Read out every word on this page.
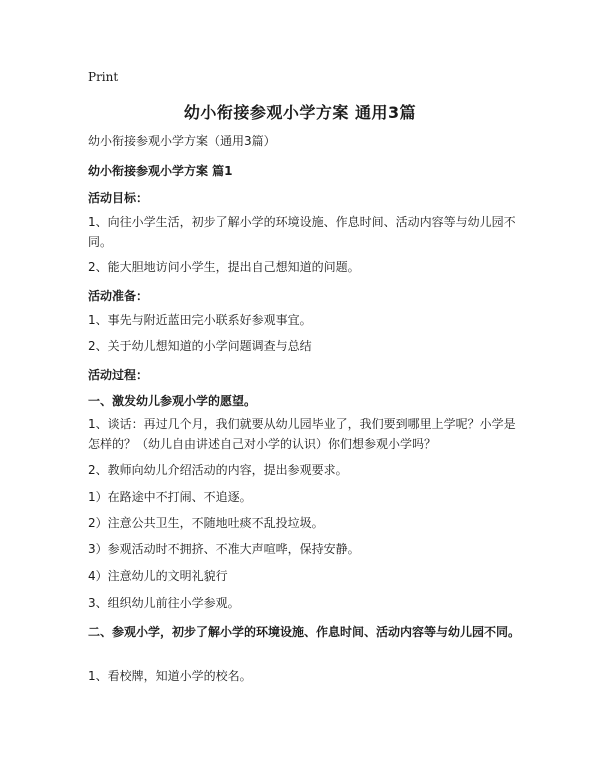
Print
幼小衔接参观小学方案 通用3篇
幼小衔接参观小学方案（通用3篇）
幼小衔接参观小学方案 篇1
活动目标：
1、向往小学生活，初步了解小学的环境设施、作息时间、活动内容等与幼儿园不同。
2、能大胆地访问小学生，提出自己想知道的问题。
活动准备：
1、事先与附近蓝田完小联系好参观事宜。
2、关于幼儿想知道的小学问题调查与总结
活动过程：
一、激发幼儿参观小学的愿望。
1、谈话：再过几个月，我们就要从幼儿园毕业了，我们要到哪里上学呢？小学是怎样的？（幼儿自由讲述自己对小学的认识）你们想参观小学吗？
2、教师向幼儿介绍活动的内容，提出参观要求。
1）在路途中不打闹、不追逐。
2）注意公共卫生，不随地吐痰不乱投垃圾。
3）参观活动时不拥挤、不准大声喧哗，保持安静。
4）注意幼儿的文明礼貌行
3、组织幼儿前往小学参观。
二、参观小学，初步了解小学的环境设施、作息时间、活动内容等与幼儿园不同。
1、看校牌，知道小学的校名。
